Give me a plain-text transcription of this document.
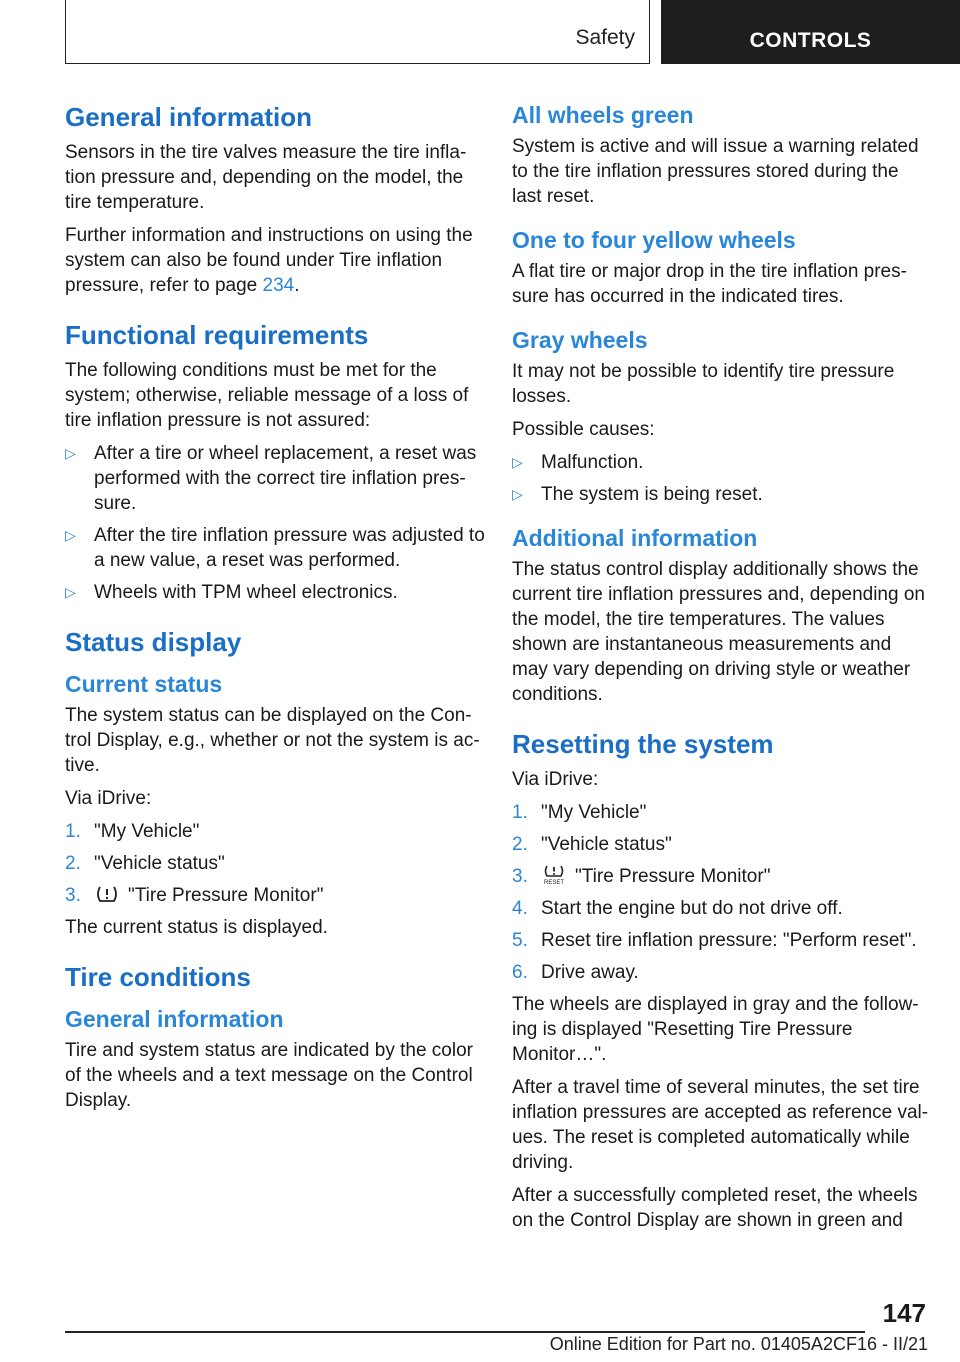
Safety	CONTROLS
General information

Sensors in the tire valves measure the tire infla-tion pressure and, depending on the model, the tire temperature.

Further information and instructions on using the system can also be found under Tire inflation pressure, refer to page 234.

Functional requirements

The following conditions must be met for the system; otherwise, reliable message of a loss of tire inflation pressure is not assured:

▷ After a tire or wheel replacement, a reset was performed with the correct tire inflation pres-sure.
▷ After the tire inflation pressure was adjusted to a new value, a reset was performed.
▷ Wheels with TPM wheel electronics.
Status display
Current status

The system status can be displayed on the Con-trol Display, e.g., whether or not the system is ac-tive.

Via iDrive:

1. "My Vehicle"
2. "Vehicle status"
3. "Tire Pressure Monitor"

The current status is displayed.

Tire conditions
General information

Tire and system status are indicated by the color of the wheels and a text message on the Control Display.

All wheels green

System is active and will issue a warning related to the tire inflation pressures stored during the last reset.

One to four yellow wheels

A flat tire or major drop in the tire inflation pres-sure has occurred in the indicated tires.

Gray wheels

It may not be possible to identify tire pressure losses.

Possible causes:

▷ Malfunction.
▷ The system is being reset.
Additional information

The status control display additionally shows the current tire inflation pressures and, depending on the model, the tire temperatures. The values shown are instantaneous measurements and may vary depending on driving style or weather conditions.

Resetting the system

Via iDrive:

1. "My Vehicle"
2. "Vehicle status"
3.	RESET "Tire Pressure Monitor"
4. Start the engine but do not drive off.
5. Reset tire inflation pressure: "Perform reset".
6. Drive away.

The wheels are displayed in gray and the follow-ing is displayed "Resetting Tire Pressure Monitor…".

After a travel time of several minutes, the set tire inflation pressures are accepted as reference val-ues. The reset is completed automatically while driving.

After a successfully completed reset, the wheels on the Control Display are shown in green and

147
Online Edition for Part no. 01405A2CF16 - II/21
